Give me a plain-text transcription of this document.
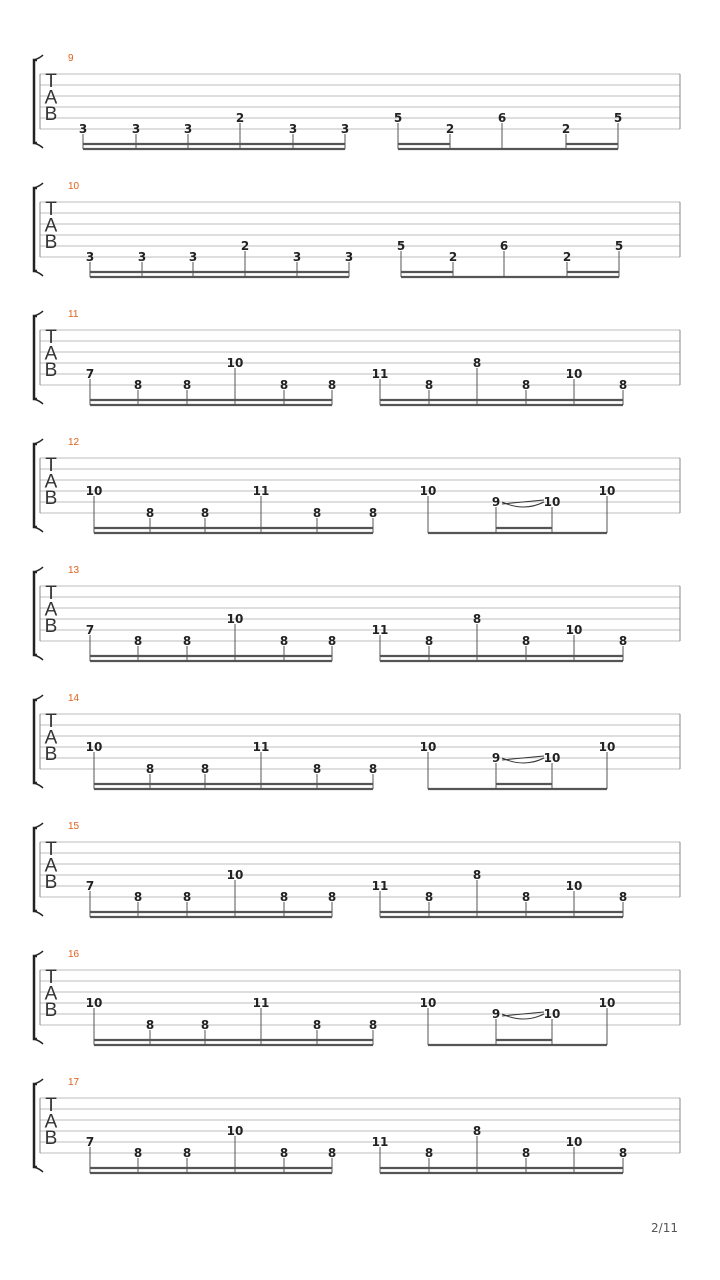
T
A
B
9
3	3	3
2
3	3
5
2
6
2
5
T
A
B
10
3	3	3
2
3	3
5
2
6
2
5
T
A
B
11
7
8	8
10
8	8
11
8
8
8
10
8
T
A
B
12
10
8	8
11
8	8
10
9	10
10
T
A
B
13
7
8	8
10
8	8
11
8
8
8
10
8
T
A
B
14
10
8	8
11
8	8
10
9	10
10
T
A
B
15
7
8	8
10
8	8
11
8
8
8
10
8
T
A
B
16
10
8	8
11
8	8
10
9	10
10
T
A
B
17
7
8	8
10
8	8
11
8
8
8
10
8
2/11
